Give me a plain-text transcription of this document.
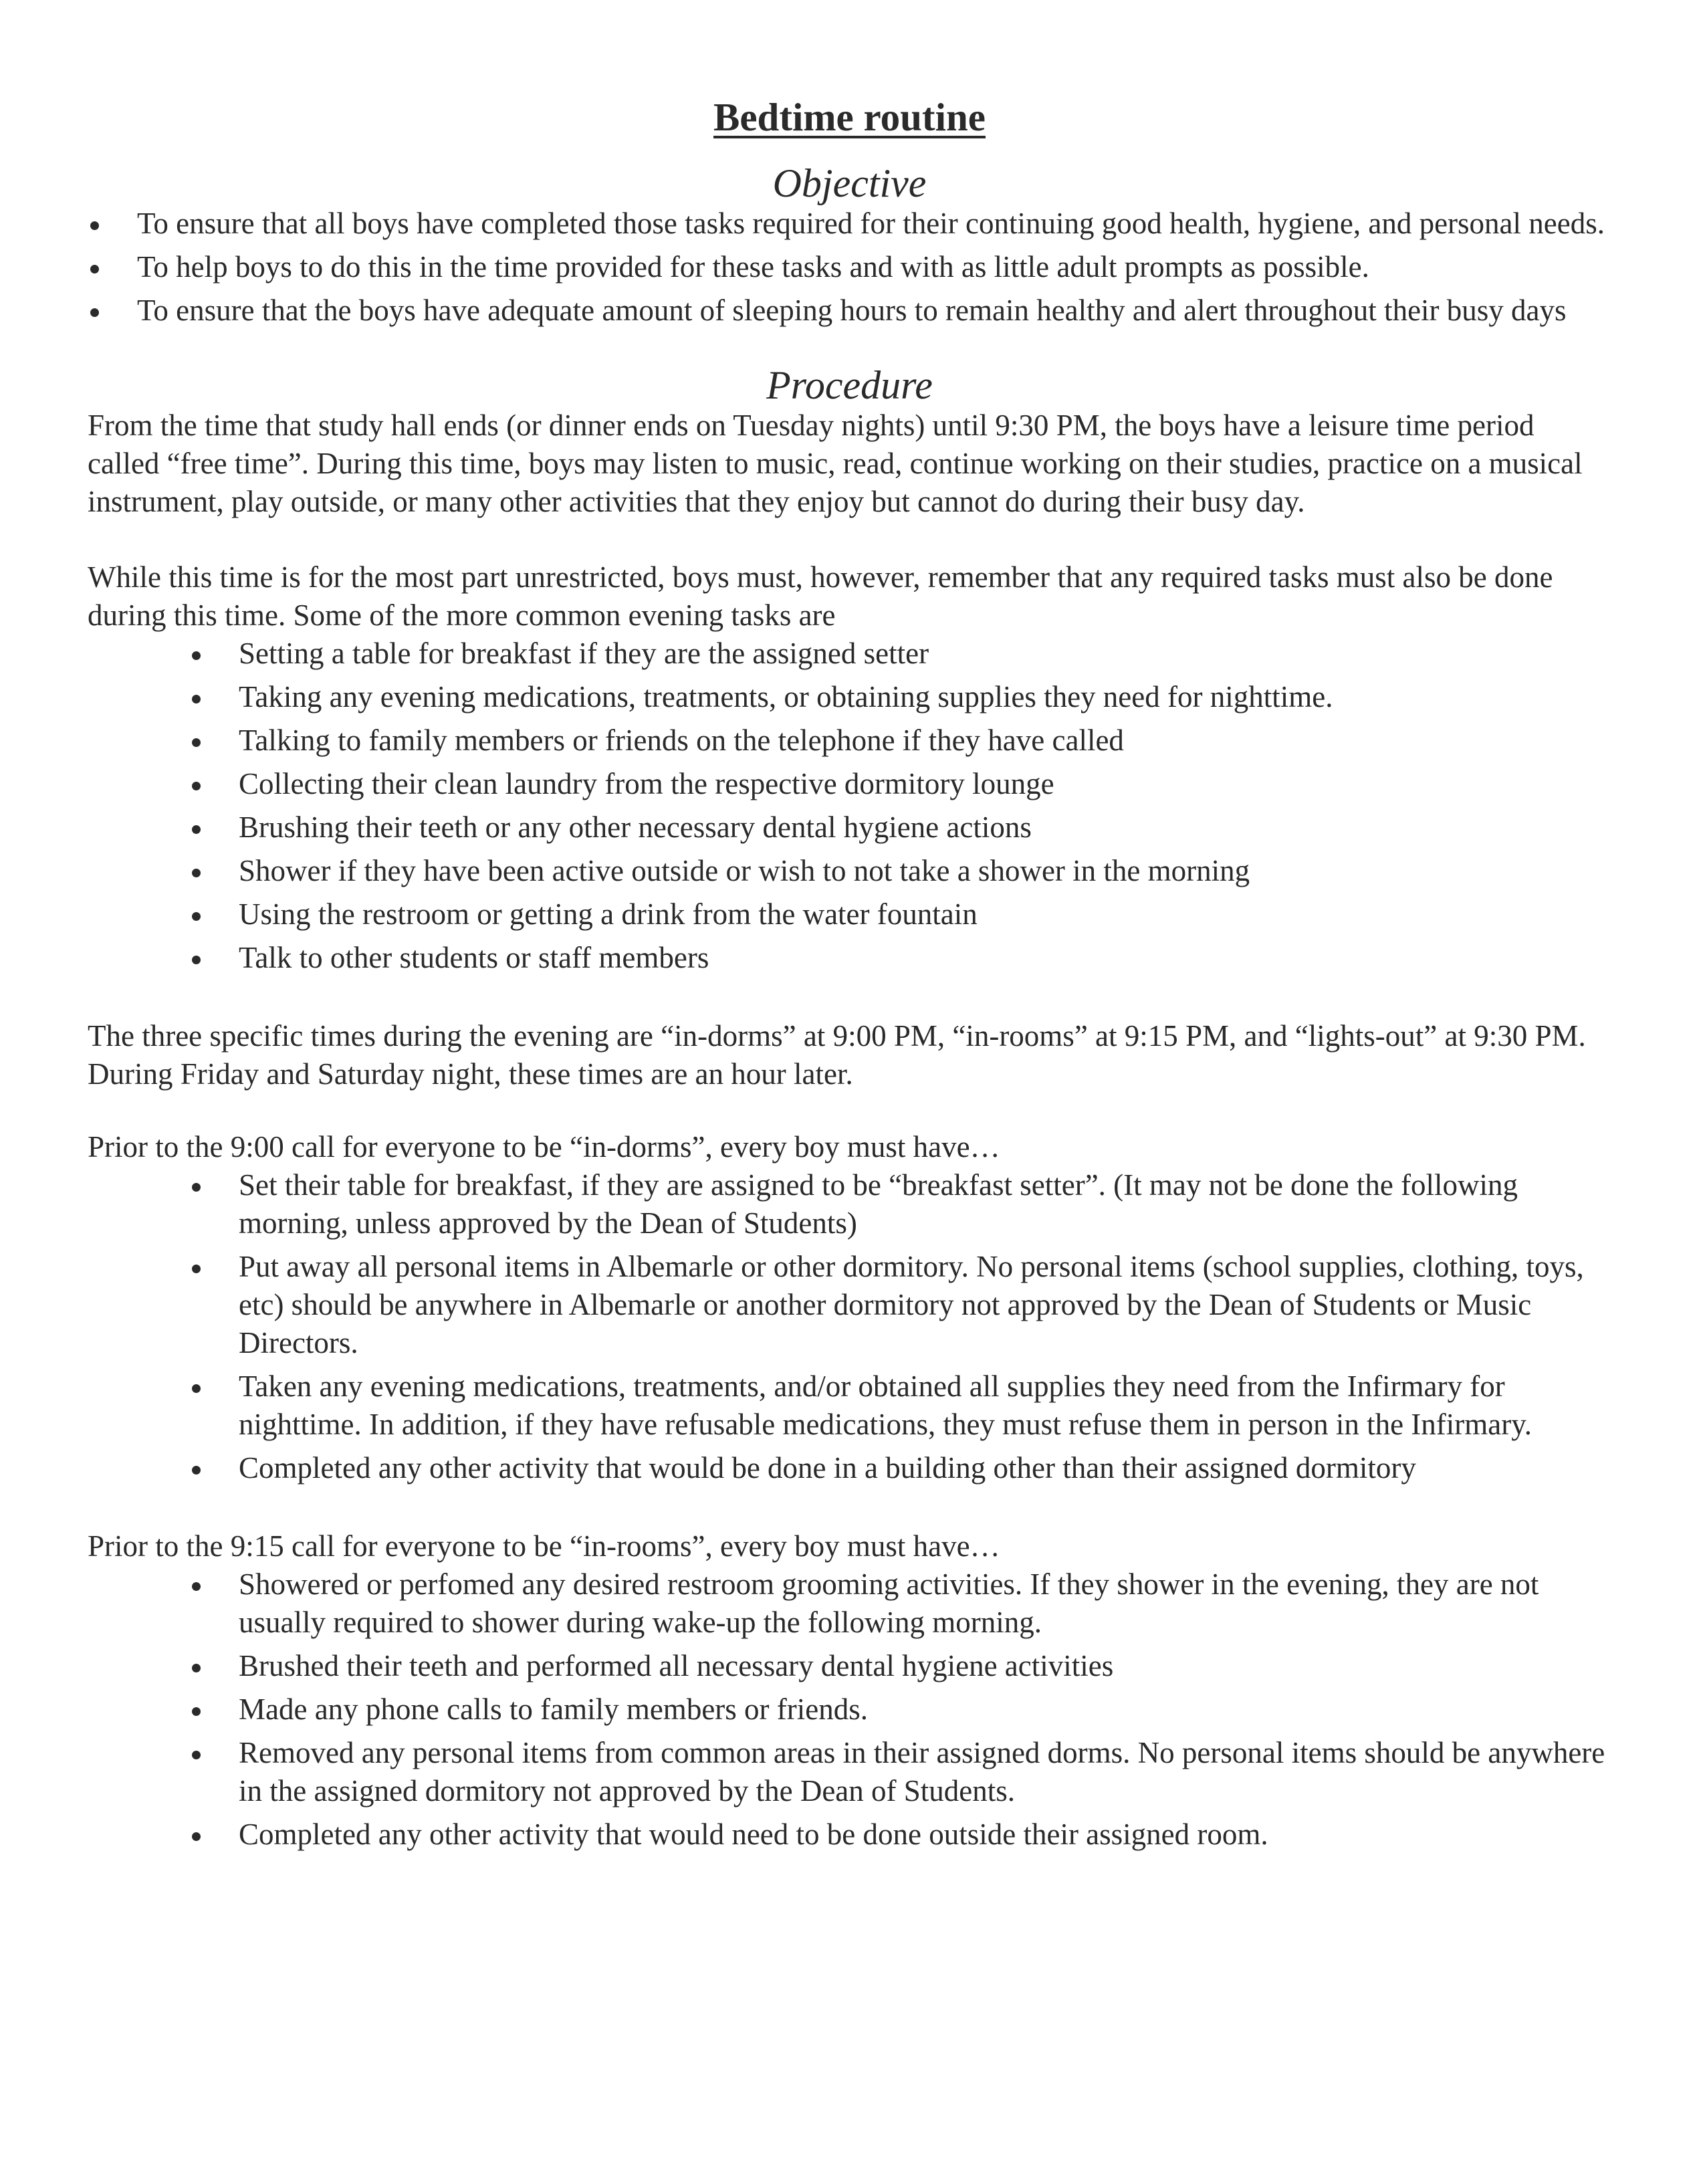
Bedtime routine
Objective
To ensure that all boys have completed those tasks required for their continuing good health, hygiene, and personal needs.
To help boys to do this in the time provided for these tasks and with as little adult prompts as possible.
To ensure that the boys have adequate amount of sleeping hours to remain healthy and alert throughout their busy days
Procedure

From the time that study hall ends (or dinner ends on Tuesday nights) until 9:30 PM, the boys have a leisure time period called “free time”. During this time, boys may listen to music, read, continue working on their studies, practice on a musical instrument, play outside, or many other activities that they enjoy but cannot do during their busy day.

While this time is for the most part unrestricted, boys must, however, remember that any required tasks must also be done during this time. Some of the more common evening tasks are

Setting a table for breakfast if they are the assigned setter
Taking any evening medications, treatments, or obtaining supplies they need for nighttime.
Talking to family members or friends on the telephone if they have called
Collecting their clean laundry from the respective dormitory lounge
Brushing their teeth or any other necessary dental hygiene actions
Shower if they have been active outside or wish to not take a shower in the morning
Using the restroom or getting a drink from the water fountain
Talk to other students or staff members

The three specific times during the evening are “in-dorms” at 9:00 PM, “in-rooms” at 9:15 PM, and “lights-out” at 9:30 PM. During Friday and Saturday night, these times are an hour later.

Prior to the 9:00 call for everyone to be “in-dorms”, every boy must have…

Set their table for breakfast, if they are assigned to be “breakfast setter”. (It may not be done the following morning, unless approved by the Dean of Students)
Put away all personal items in Albemarle or other dormitory. No personal items (school supplies, clothing, toys, etc) should be anywhere in Albemarle or another dormitory not approved by the Dean of Students or Music Directors.
Taken any evening medications, treatments, and/or obtained all supplies they need from the Infirmary for nighttime. In addition, if they have refusable medications, they must refuse them in person in the Infirmary.
Completed any other activity that would be done in a building other than their assigned dormitory

Prior to the 9:15 call for everyone to be “in-rooms”, every boy must have…

Showered or perfomed any desired restroom grooming activities. If they shower in the evening, they are not usually required to shower during wake-up the following morning.
Brushed their teeth and performed all necessary dental hygiene activities
Made any phone calls to family members or friends.
Removed any personal items from common areas in their assigned dorms. No personal items should be anywhere in the assigned dormitory not approved by the Dean of Students.
Completed any other activity that would need to be done outside their assigned room.
